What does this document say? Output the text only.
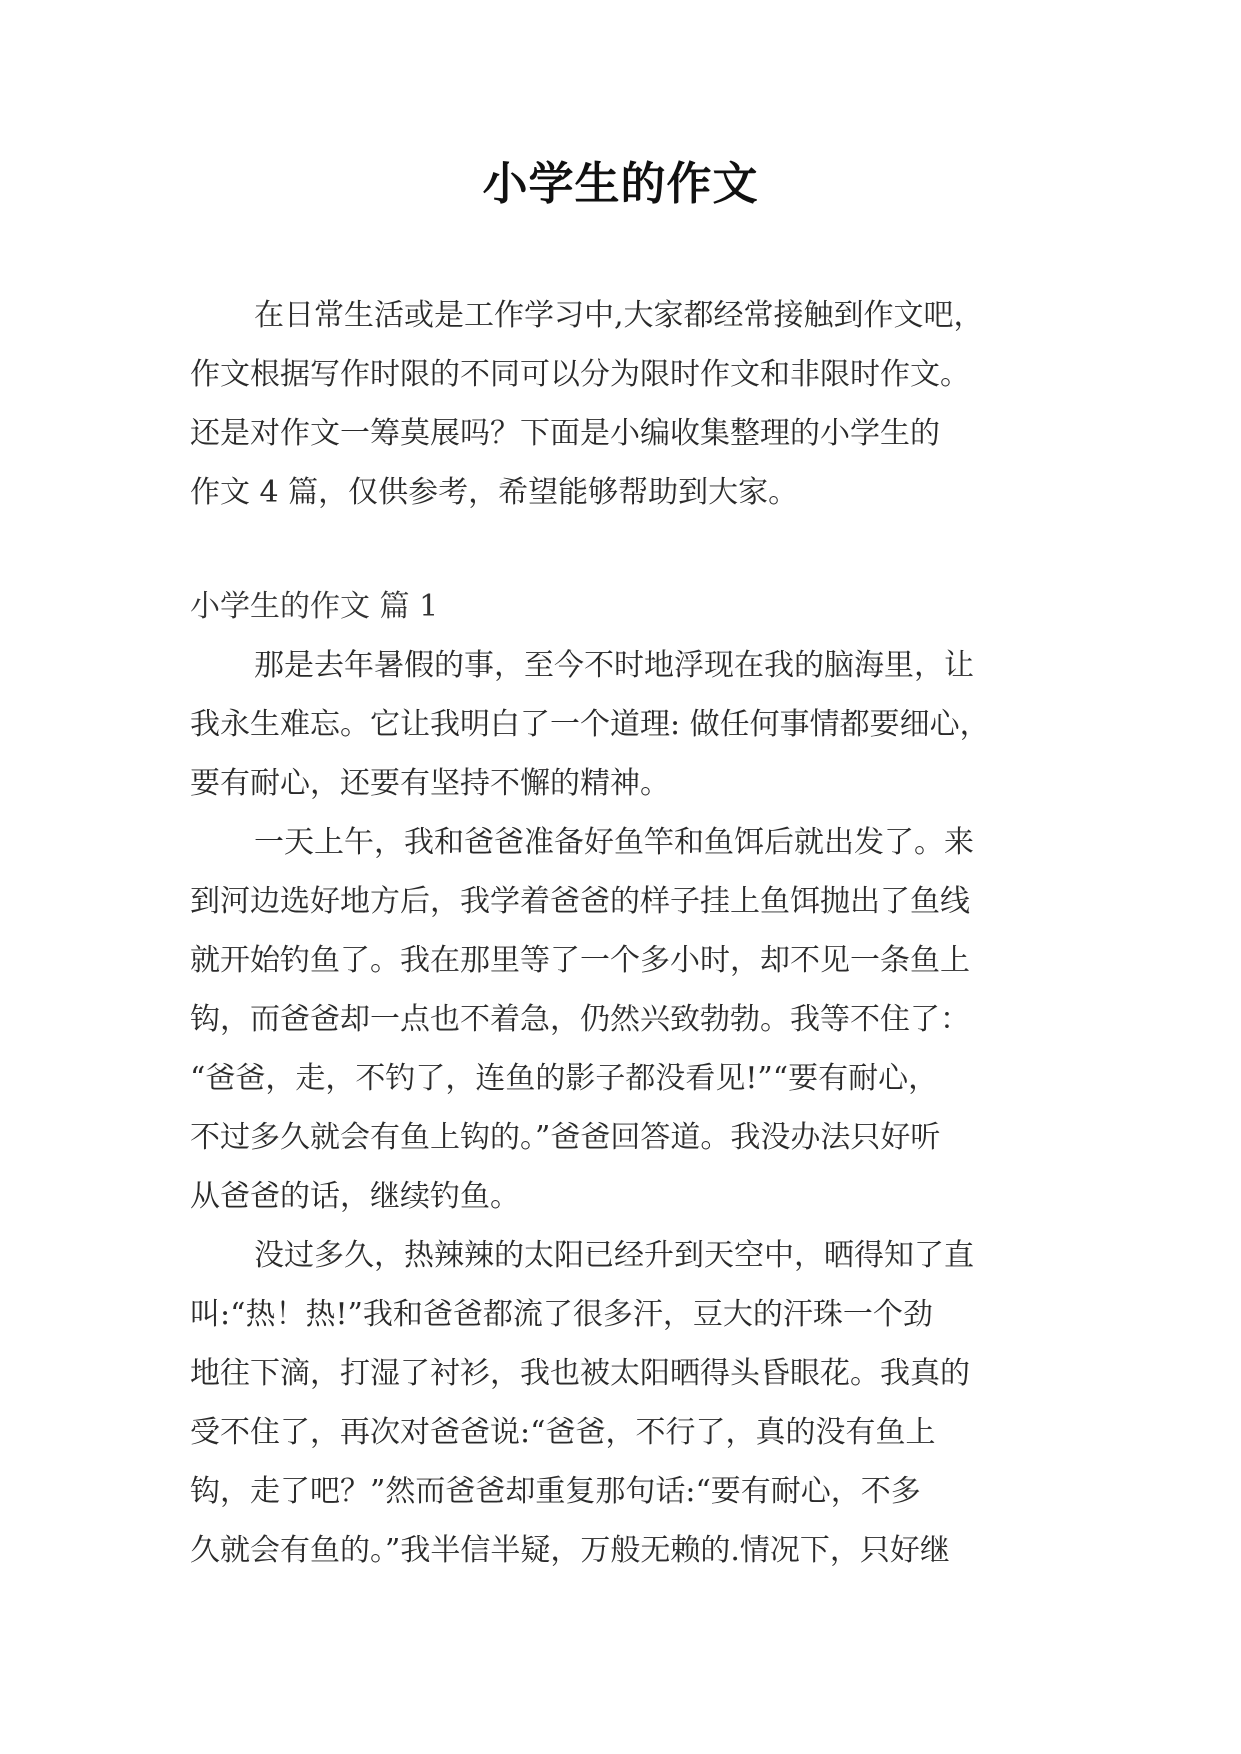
小学生的作文
在日常生活或是工作学习中,大家都经常接触到作文吧，
作文根据写作时限的不同可以分为限时作文和非限时作文。
还是对作文一筹莫展吗？下面是小编收集整理的小学生的
作文 4 篇，仅供参考，希望能够帮助到大家。
小学生的作文 篇 1
那是去年暑假的事，至今不时地浮现在我的脑海里，让
我永生难忘。它让我明白了一个道理: 做任何事情都要细心，
要有耐心，还要有坚持不懈的精神。
一天上午，我和爸爸准备好鱼竿和鱼饵后就出发了。来
到河边选好地方后，我学着爸爸的样子挂上鱼饵抛出了鱼线
就开始钓鱼了。我在那里等了一个多小时，却不见一条鱼上
钩，而爸爸却一点也不着急，仍然兴致勃勃。我等不住了：
“爸爸，走，不钓了，连鱼的影子都没看见!”“要有耐心，
不过多久就会有鱼上钩的。”爸爸回答道。我没办法只好听
从爸爸的话，继续钓鱼。
没过多久，热辣辣的太阳已经升到天空中，晒得知了直
叫:“热！热!”我和爸爸都流了很多汗，豆大的汗珠一个劲
地往下滴，打湿了衬衫，我也被太阳晒得头昏眼花。我真的
受不住了，再次对爸爸说:“爸爸，不行了，真的没有鱼上
钩，走了吧？”然而爸爸却重复那句话:“要有耐心，不多
久就会有鱼的。”我半信半疑，万般无赖的.情况下，只好继
